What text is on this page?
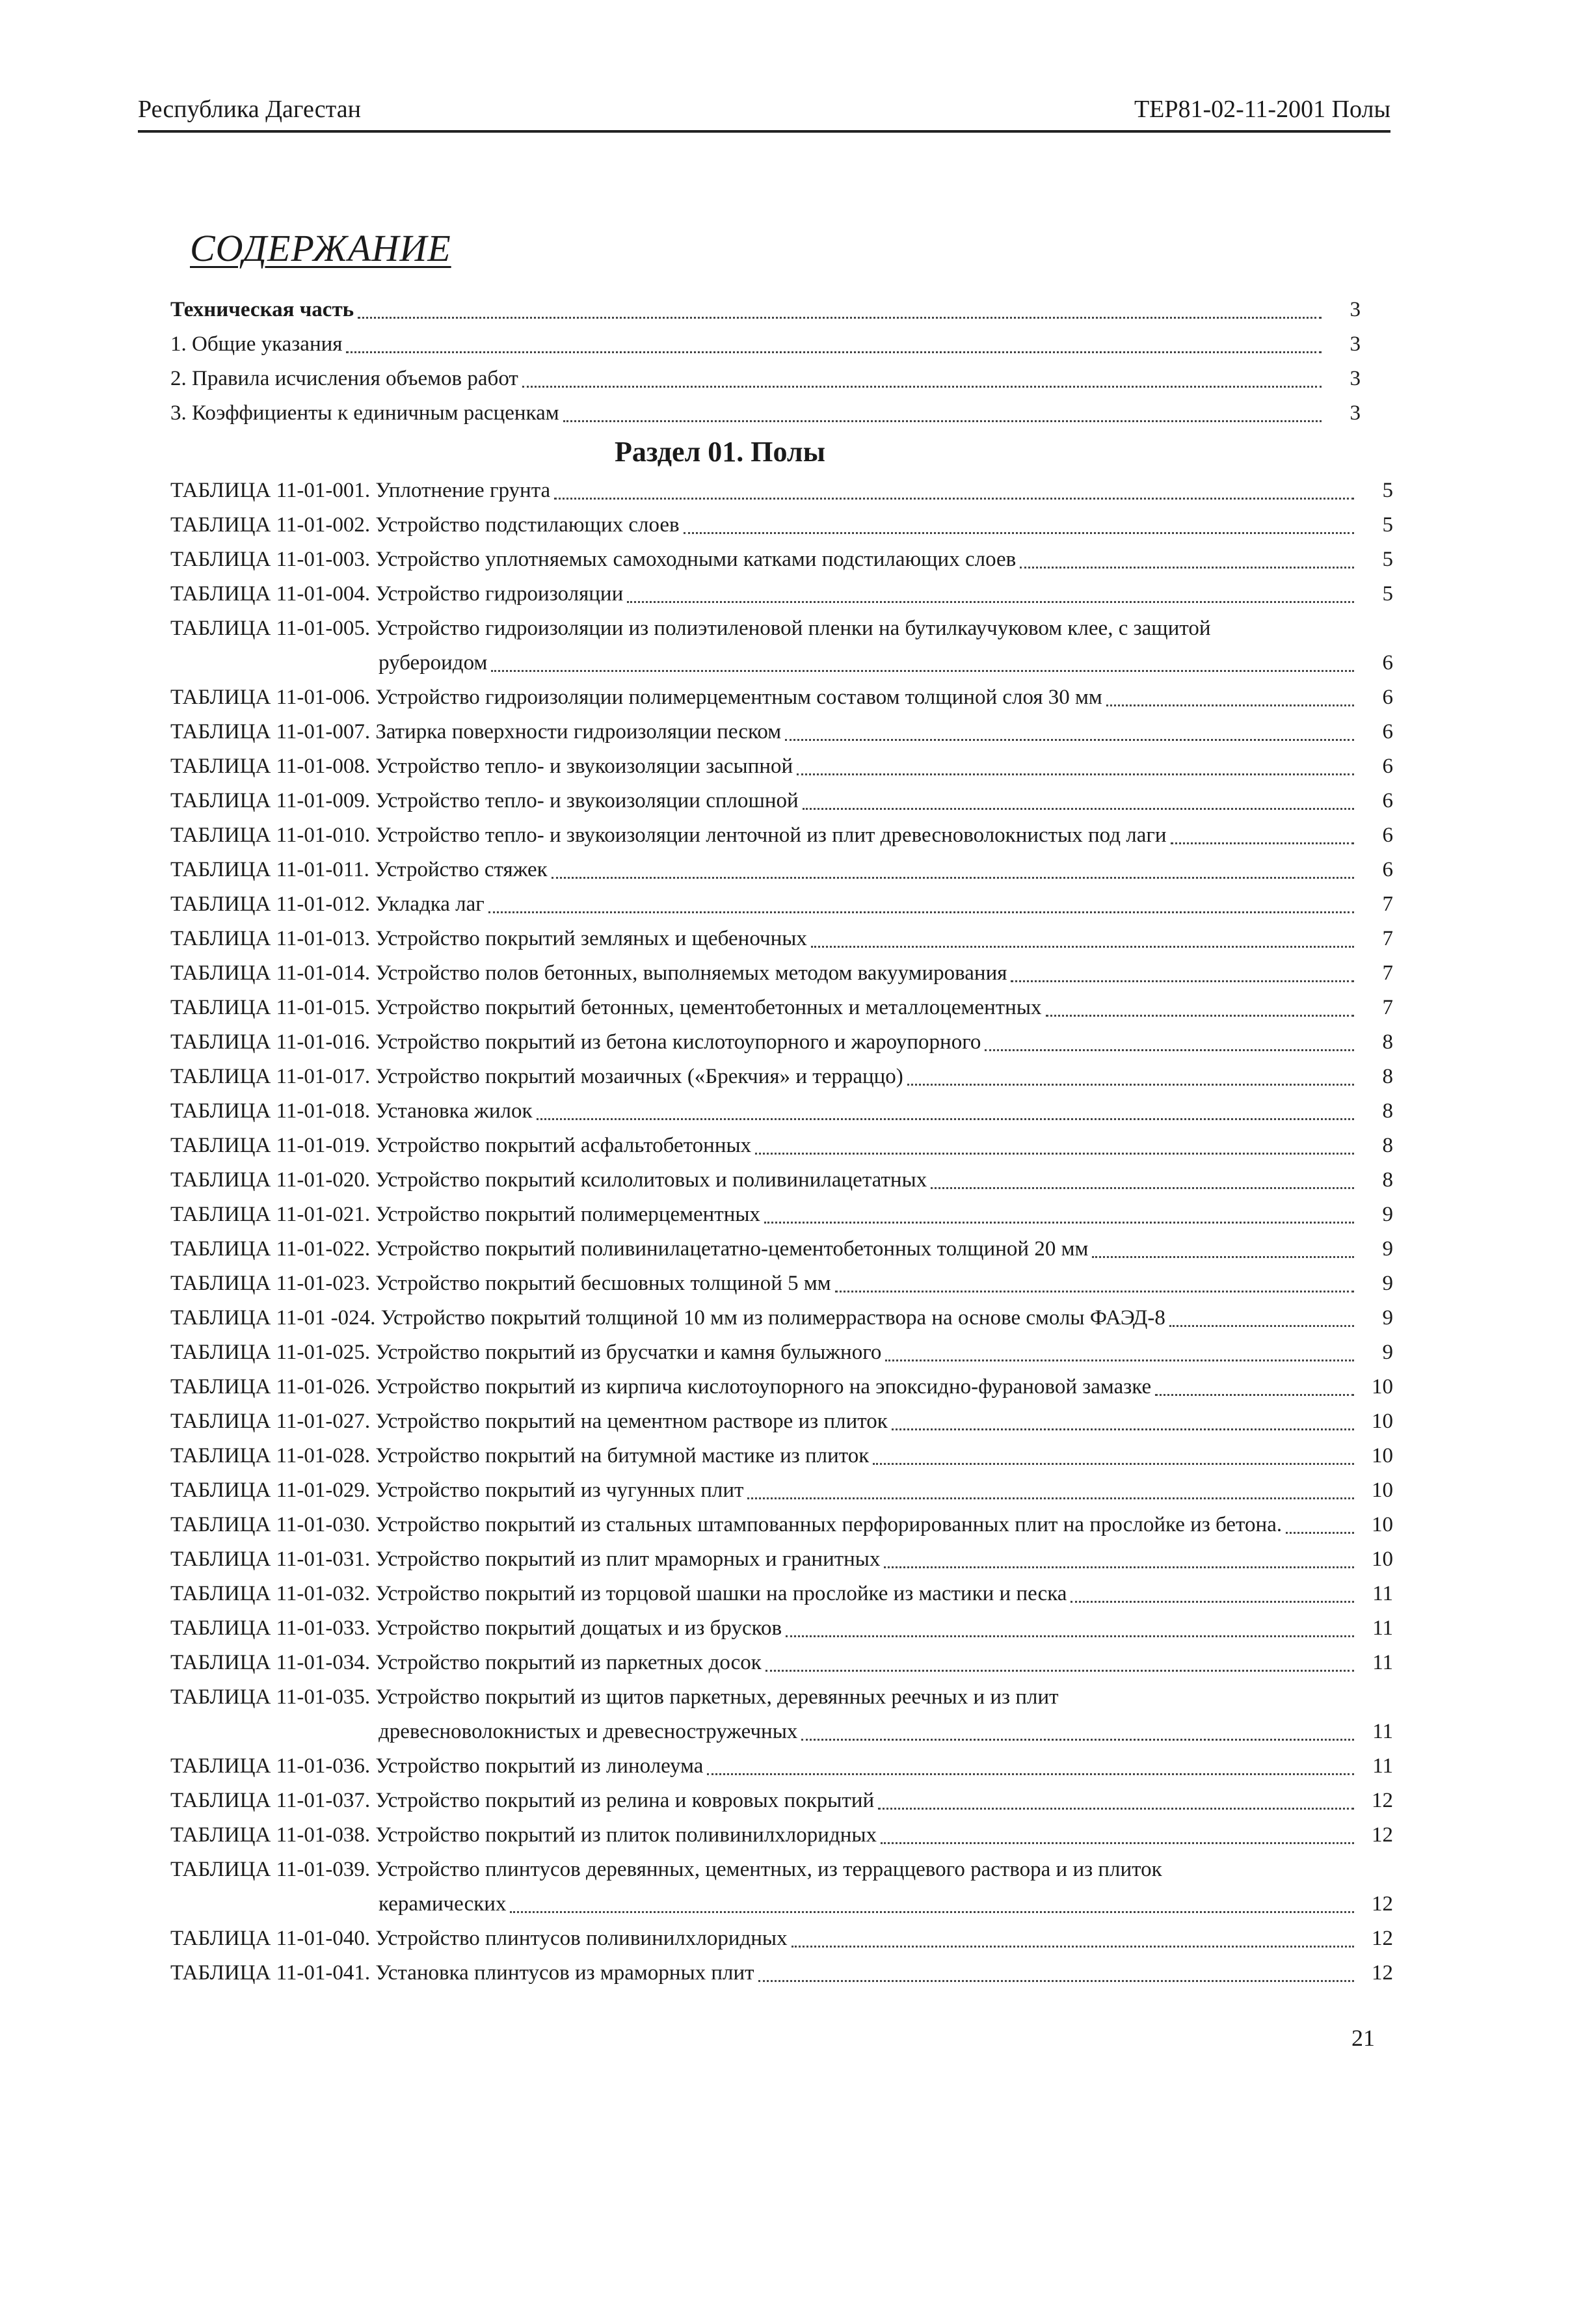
Республика Дагестан	ТЕР81-02-11-2001 Полы
СОДЕРЖАНИЕ
Техническая часть	3
1. Общие указания	3
2. Правила исчисления объемов работ	3
3. Коэффициенты к единичным расценкам	3
Раздел 01. Полы
ТАБЛИЦА 11-01-001. Уплотнение грунта	5
ТАБЛИЦА 11-01-002. Устройство подстилающих слоев	5
ТАБЛИЦА 11-01-003. Устройство уплотняемых самоходными катками подстилающих слоев	5
ТАБЛИЦА 11-01-004. Устройство гидроизоляции	5
ТАБЛИЦА 11-01-005. Устройство гидроизоляции из полиэтиленовой пленки на бутилкаучуковом клее, с защитой
рубероидом	6
ТАБЛИЦА 11-01-006. Устройство гидроизоляции полимерцементным составом толщиной слоя 30 мм	6
ТАБЛИЦА 11-01-007. Затирка поверхности гидроизоляции песком	6
ТАБЛИЦА 11-01-008. Устройство тепло- и звукоизоляции засыпной	6
ТАБЛИЦА 11-01-009. Устройство тепло- и звукоизоляции сплошной	6
ТАБЛИЦА 11-01-010. Устройство тепло- и звукоизоляции ленточной из плит древесноволокнистых под лаги	6
ТАБЛИЦА 11-01-011. Устройство стяжек	6
ТАБЛИЦА 11-01-012. Укладка лаг	7
ТАБЛИЦА 11-01-013. Устройство покрытий земляных и щебеночных	7
ТАБЛИЦА 11-01-014. Устройство полов бетонных, выполняемых методом вакуумирования	7
ТАБЛИЦА 11-01-015. Устройство покрытий бетонных, цементобетонных и металлоцементных	7
ТАБЛИЦА 11-01-016. Устройство покрытий из бетона кислотоупорного и жароупорного	8
ТАБЛИЦА 11-01-017. Устройство покрытий мозаичных («Брекчия» и терраццо)	8
ТАБЛИЦА 11-01-018. Установка жилок	8
ТАБЛИЦА 11-01-019. Устройство покрытий асфальтобетонных	8
ТАБЛИЦА 11-01-020. Устройство покрытий ксилолитовых и поливинилацетатных	8
ТАБЛИЦА 11-01-021. Устройство покрытий полимерцементных	9
ТАБЛИЦА 11-01-022. Устройство покрытий поливинилацетатно-цементобетонных толщиной 20 мм	9
ТАБЛИЦА 11-01-023. Устройство покрытий бесшовных толщиной 5 мм	9
ТАБЛИЦА 11-01 -024. Устройство покрытий толщиной 10 мм из полимерраствора на основе смолы ФАЭД-8	9
ТАБЛИЦА 11-01-025. Устройство покрытий из брусчатки и камня булыжного	9
ТАБЛИЦА 11-01-026. Устройство покрытий из кирпича кислотоупорного на эпоксидно-фурановой замазке	10
ТАБЛИЦА 11-01-027. Устройство покрытий на цементном растворе из плиток	10
ТАБЛИЦА 11-01-028. Устройство покрытий на битумной мастике из плиток	10
ТАБЛИЦА 11-01-029. Устройство покрытий из чугунных плит	10
ТАБЛИЦА 11-01-030. Устройство покрытий из стальных штампованных перфорированных плит на прослойке из бетона.	10
ТАБЛИЦА 11-01-031. Устройство покрытий из плит мраморных и гранитных	10
ТАБЛИЦА 11-01-032. Устройство покрытий из торцовой шашки на прослойке из мастики и песка	11
ТАБЛИЦА 11-01-033. Устройство покрытий дощатых и из брусков	11
ТАБЛИЦА 11-01-034. Устройство покрытий из паркетных досок	11
ТАБЛИЦА 11-01-035. Устройство покрытий из щитов паркетных, деревянных реечных и из плит
древесноволокнистых и древесностружечных	11
ТАБЛИЦА 11-01-036. Устройство покрытий из линолеума	11
ТАБЛИЦА 11-01-037. Устройство покрытий из релина и ковровых покрытий	12
ТАБЛИЦА 11-01-038. Устройство покрытий из плиток поливинилхлоридных	12
ТАБЛИЦА 11-01-039. Устройство плинтусов деревянных, цементных, из терраццевого раствора и из плиток
керамических	12
ТАБЛИЦА 11-01-040. Устройство плинтусов поливинилхлоридных	12
ТАБЛИЦА 11-01-041. Установка плинтусов из мраморных плит	12
21
